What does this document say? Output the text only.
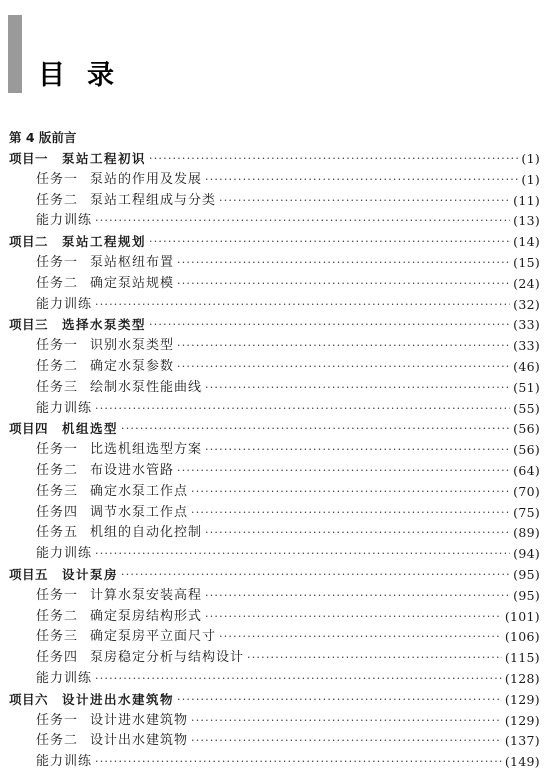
目录
第 4 版前言
项目一 泵站工程初识 ·····	(1)
任务一 泵站的作用及发展 ·····	(1)
任务二 泵站工程组成与分类 ·····	(11)
能力训练 ·····	(13)
项目二 泵站工程规划 ·····	(14)
任务一 泵站枢纽布置 ·····	(15)
任务二 确定泵站规模 ·····	(24)
能力训练 ·····	(32)
项目三 选择水泵类型 ·····	(33)
任务一 识别水泵类型 ·····	(33)
任务二 确定水泵参数 ·····	(46)
任务三 绘制水泵性能曲线 ·····	(51)
能力训练 ·····	(55)
项目四 机组选型 ·····	(56)
任务一 比选机组选型方案 ·····	(56)
任务二 布设进水管路 ·····	(64)
任务三 确定水泵工作点 ·····	(70)
任务四 调节水泵工作点 ·····	(75)
任务五 机组的自动化控制 ·····	(89)
能力训练 ·····	(94)
项目五 设计泵房 ·····	(95)
任务一 计算水泵安装高程 ·····	(95)
任务二 确定泵房结构形式 ·····	(101)
任务三 确定泵房平立面尺寸 ·····	(106)
任务四 泵房稳定分析与结构设计 ·····	(115)
能力训练 ·····	(128)
项目六 设计进出水建筑物 ·····	(129)
任务一 设计进水建筑物 ·····	(129)
任务二 设计出水建筑物 ·····	(137)
能力训练 ·····	(149)
